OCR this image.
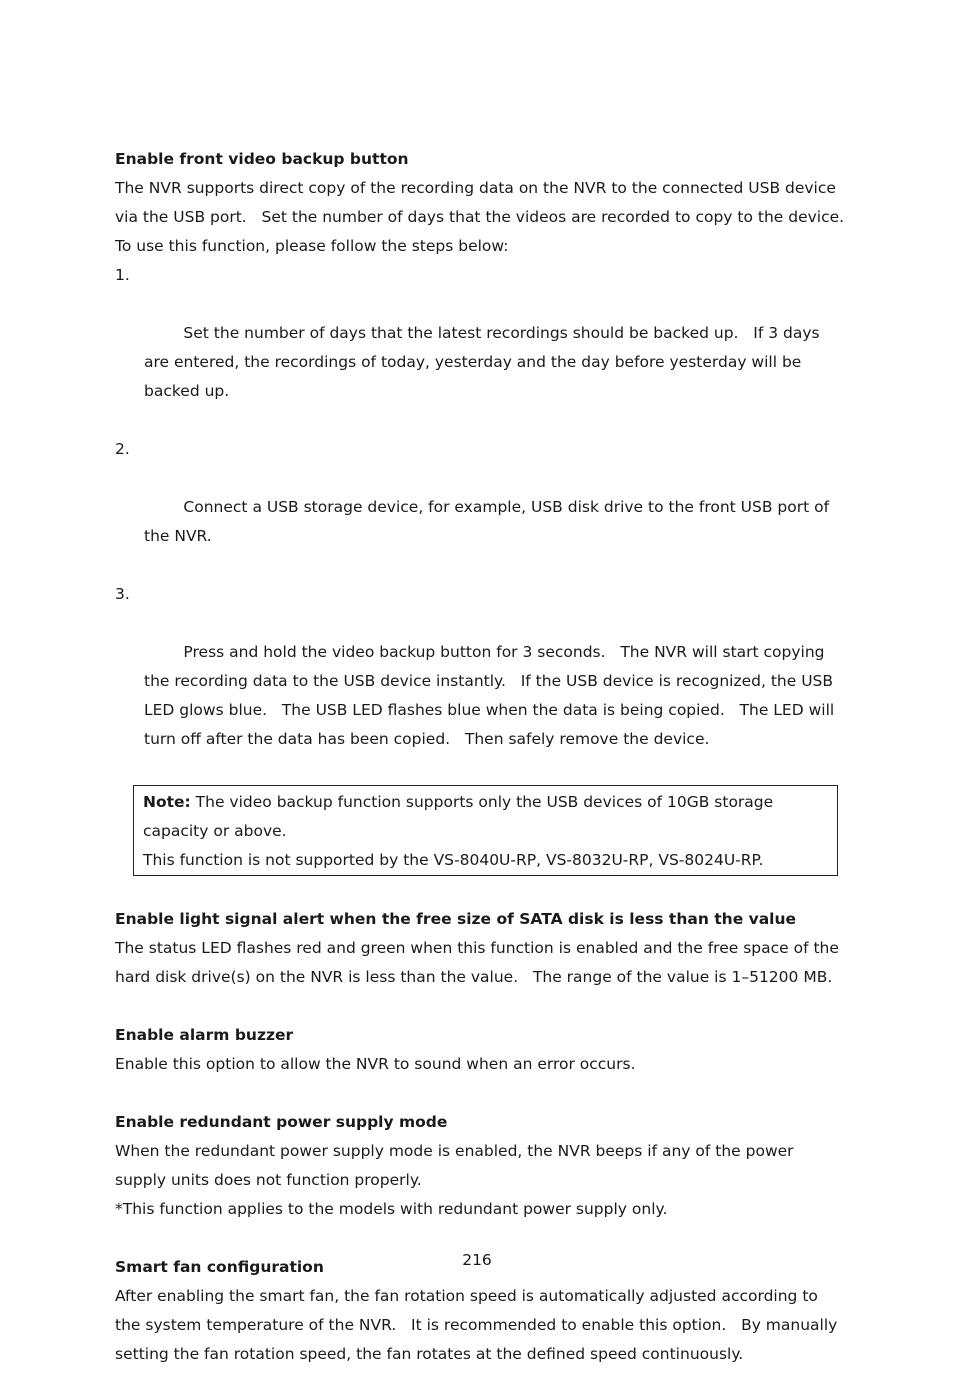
Enable front video backup button

The NVR supports direct copy of the recording data on the NVR to the connected USB device via the USB port.   Set the number of days that the videos are recorded to copy to the device.   To use this function, please follow the steps below:

1.

Set the number of days that the latest recordings should be backed up.   If 3 days are entered, the recordings of today, yesterday and the day before yesterday will be backed up.

2.

Connect a USB storage device, for example, USB disk drive to the front USB port of the NVR.

3.

Press and hold the video backup button for 3 seconds.   The NVR will start copying the recording data to the USB device instantly.   If the USB device is recognized, the USB LED glows blue.   The USB LED flashes blue when the data is being copied.   The LED will turn off after the data has been copied.   Then safely remove the device.

Note: The video backup function supports only the USB devices of 10GB storage capacity or above.

This function is not supported by the VS-8040U-RP, VS-8032U-RP, VS-8024U-RP.

Enable light signal alert when the free size of SATA disk is less than the value

The status LED flashes red and green when this function is enabled and the free space of the hard disk drive(s) on the NVR is less than the value.   The range of the value is 1–51200 MB.

Enable alarm buzzer

Enable this option to allow the NVR to sound when an error occurs.

Enable redundant power supply mode

When the redundant power supply mode is enabled, the NVR beeps if any of the power supply units does not function properly.

*This function applies to the models with redundant power supply only.

Smart fan configuration

After enabling the smart fan, the fan rotation speed is automatically adjusted according to the system temperature of the NVR.   It is recommended to enable this option.   By manually setting the fan rotation speed, the fan rotates at the defined speed continuously.

216
